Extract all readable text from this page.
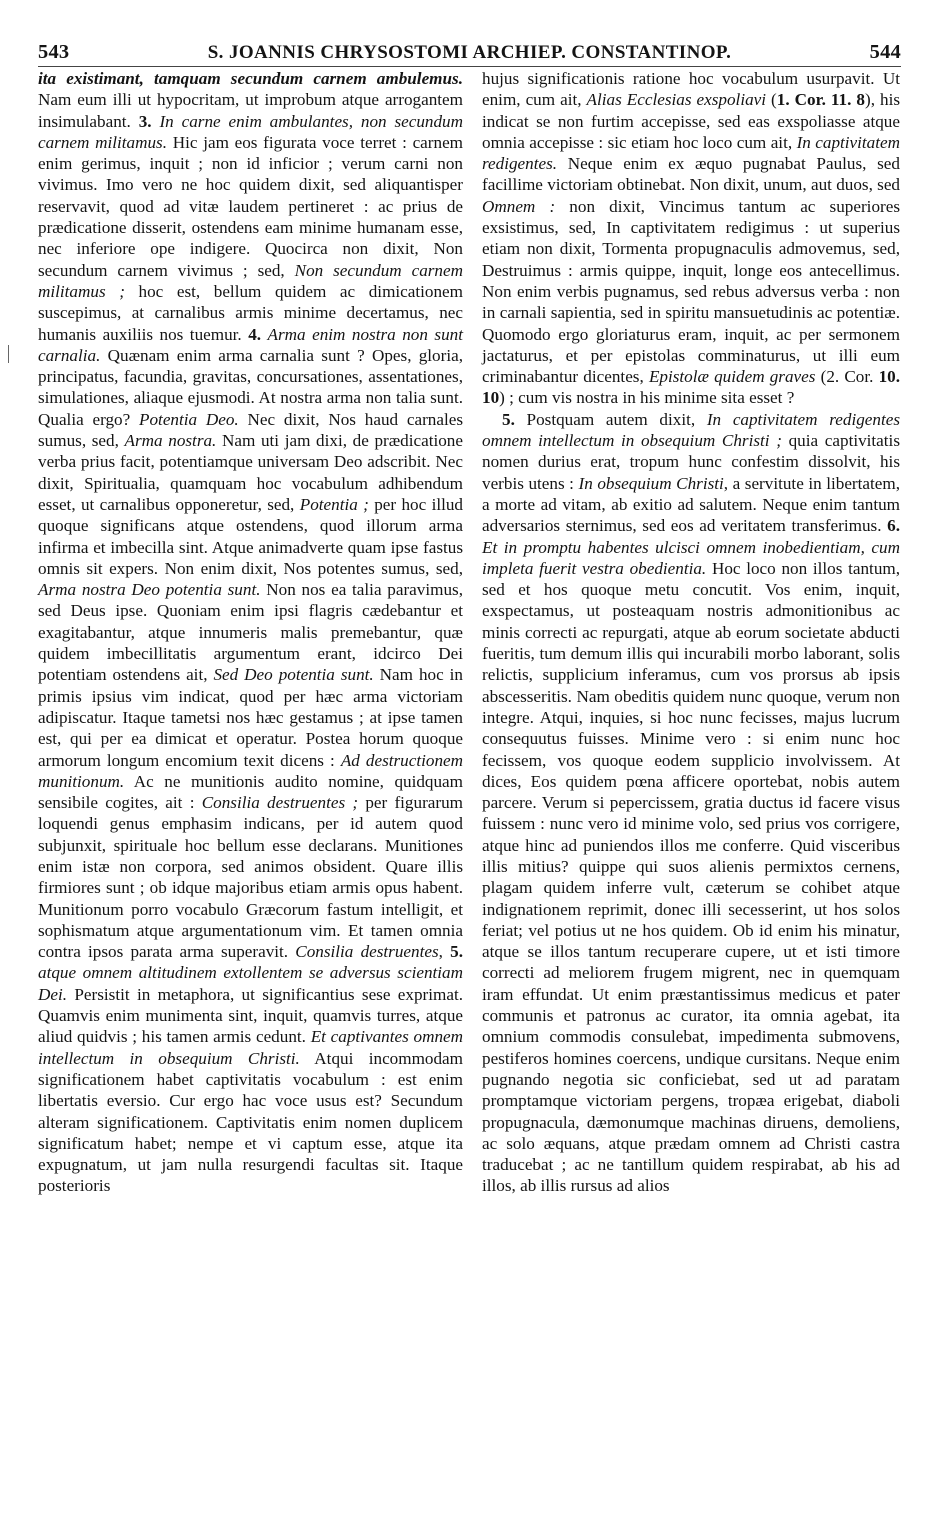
543	S. JOANNIS CHRYSOSTOMI ARCHIEP. CONSTANTINOP.	544

ita existimant, tamquam secundum carnem ambulemus. Nam eum illi ut hypocritam, ut improbum atque arrogantem insimulabant. 3. In carne enim ambulantes, non secundum carnem militamus. Hic jam eos figurata voce terret : carnem enim gerimus, inquit ; non id inficior ; verum carni non vivimus. Imo vero ne hoc quidem dixit, sed aliquantisper reservavit, quod ad vitæ laudem pertineret : ac prius de prædicatione disserit, ostendens eam minime humanam esse, nec inferiore ope indigere. Quocirca non dixit, Non secundum carnem vivimus ; sed, Non secundum carnem militamus ; hoc est, bellum quidem ac dimicationem suscepimus, at carnalibus armis minime decertamus, nec humanis auxiliis nos tuemur. 4. Arma enim nostra non sunt carnalia. Quænam enim arma carnalia sunt ? Opes, gloria, principatus, facundia, gravitas, concursationes, assentationes, simulationes, aliaque ejusmodi. At nostra arma non talia sunt. Qualia ergo? Potentia Deo. Nec dixit, Nos haud carnales sumus, sed, Arma nostra. Nam uti jam dixi, de prædicatione verba prius facit, potentiamque universam Deo adscribit. Nec dixit, Spiritualia, quamquam hoc vocabulum adhibendum esset, ut carnalibus opponeretur, sed, Potentia ; per hoc illud quoque significans atque ostendens, quod illorum arma infirma et imbecilla sint. Atque animadverte quam ipse fastus omnis sit expers. Non enim dixit, Nos potentes sumus, sed, Arma nostra Deo potentia sunt. Non nos ea talia paravimus, sed Deus ipse. Quoniam enim ipsi flagris cædebantur et exagitabantur, atque innumeris malis premebantur, quæ quidem imbecillitatis argumentum erant, idcirco Dei potentiam ostendens ait, Sed Deo potentia sunt. Nam hoc in primis ipsius vim indicat, quod per hæc arma victoriam adipiscatur. Itaque tametsi nos hæc gestamus ; at ipse tamen est, qui per ea dimicat et operatur. Postea horum quoque armorum longum encomium texit dicens : Ad destructionem munitionum. Ac ne munitionis audito nomine, quidquam sensibile cogites, ait : Consilia destruentes ; per figurarum loquendi genus emphasim indicans, per id autem quod subjunxit, spirituale hoc bellum esse declarans. Munitiones enim istæ non corpora, sed animos obsident. Quare illis firmiores sunt ; ob idque majoribus etiam armis opus habent. Munitionum porro vocabulo Græcorum fastum intelligit, et sophismatum atque argumentationum vim. Et tamen omnia contra ipsos parata arma superavit. Consilia destruentes, 5. atque omnem altitudinem extollentem se adversus scientiam Dei. Persistit in metaphora, ut significantius sese exprimat. Quamvis enim munimenta sint, inquit, quamvis turres, atque aliud quidvis ; his tamen armis cedunt. Et captivantes omnem intellectum in obsequium Christi. Atqui incommodam significationem habet captivitatis vocabulum : est enim libertatis eversio. Cur ergo hac voce usus est? Secundum alteram significationem. Captivitatis enim nomen duplicem significatum habet; nempe et vi captum esse, atque ita expugnatum, ut jam nulla resurgendi facultas sit. Itaque posterioris

hujus significationis ratione hoc vocabulum usurpavit. Ut enim, cum ait, Alias Ecclesias exspoliavi (1. Cor. 11. 8), his indicat se non furtim accepisse, sed eas exspoliasse atque omnia accepisse : sic etiam hoc loco cum ait, In captivitatem redigentes. Neque enim ex æquo pugnabat Paulus, sed facillime victoriam obtinebat. Non dixit, unum, aut duos, sed Omnem : non dixit, Vincimus tantum ac superiores exsistimus, sed, In captivitatem redigimus : ut superius etiam non dixit, Tormenta propugnaculis admovemus, sed, Destruimus : armis quippe, inquit, longe eos antecellimus. Non enim verbis pugnamus, sed rebus adversus verba : non in carnali sapientia, sed in spiritu mansuetudinis ac potentiæ. Quomodo ergo gloriaturus eram, inquit, ac per sermonem jactaturus, et per epistolas comminaturus, ut illi eum criminabantur dicentes, Epistolæ quidem graves (2. Cor. 10. 10) ; cum vis nostra in his minime sita esset ?

5. Postquam autem dixit, In captivitatem redigentes omnem intellectum in obsequium Christi ; quia captivitatis nomen durius erat, tropum hunc confestim dissolvit, his verbis utens : In obsequium Christi, a servitute in libertatem, a morte ad vitam, ab exitio ad salutem. Neque enim tantum adversarios sternimus, sed eos ad veritatem transferimus. 6. Et in promptu habentes ulcisci omnem inobedientiam, cum impleta fuerit vestra obedientia. Hoc loco non illos tantum, sed et hos quoque metu concutit. Vos enim, inquit, exspectamus, ut posteaquam nostris admonitionibus ac minis correcti ac repurgati, atque ab eorum societate abducti fueritis, tum demum illis qui incurabili morbo laborant, solis relictis, supplicium inferamus, cum vos prorsus ab ipsis abscesseritis. Nam obeditis quidem nunc quoque, verum non integre. Atqui, inquies, si hoc nunc fecisses, majus lucrum consequutus fuisses. Minime vero : si enim nunc hoc fecissem, vos quoque eodem supplicio involvissem. At dices, Eos quidem pœna afficere oportebat, nobis autem parcere. Verum si pepercissem, gratia ductus id facere visus fuissem : nunc vero id minime volo, sed prius vos corrigere, atque hinc ad puniendos illos me conferre. Quid visceribus illis mitius? quippe qui suos alienis permixtos cernens, plagam quidem inferre vult, cæterum se cohibet atque indignationem reprimit, donec illi secesserint, ut hos solos feriat; vel potius ut ne hos quidem. Ob id enim his minatur, atque se illos tantum recuperare cupere, ut et isti timore correcti ad meliorem frugem migrent, nec in quemquam iram effundat. Ut enim præstantissimus medicus et pater communis et patronus ac curator, ita omnia agebat, ita omnium commodis consulebat, impedimenta submovens, pestiferos homines coercens, undique cursitans. Neque enim pugnando negotia sic conficiebat, sed ut ad paratam promptamque victoriam pergens, tropæa erigebat, diaboli propugnacula, dæmonumque machinas diruens, demoliens, ac solo æquans, atque prædam omnem ad Christi castra traducebat ; ac ne tantillum quidem respirabat, ab his ad illos, ab illis rursus ad alios
